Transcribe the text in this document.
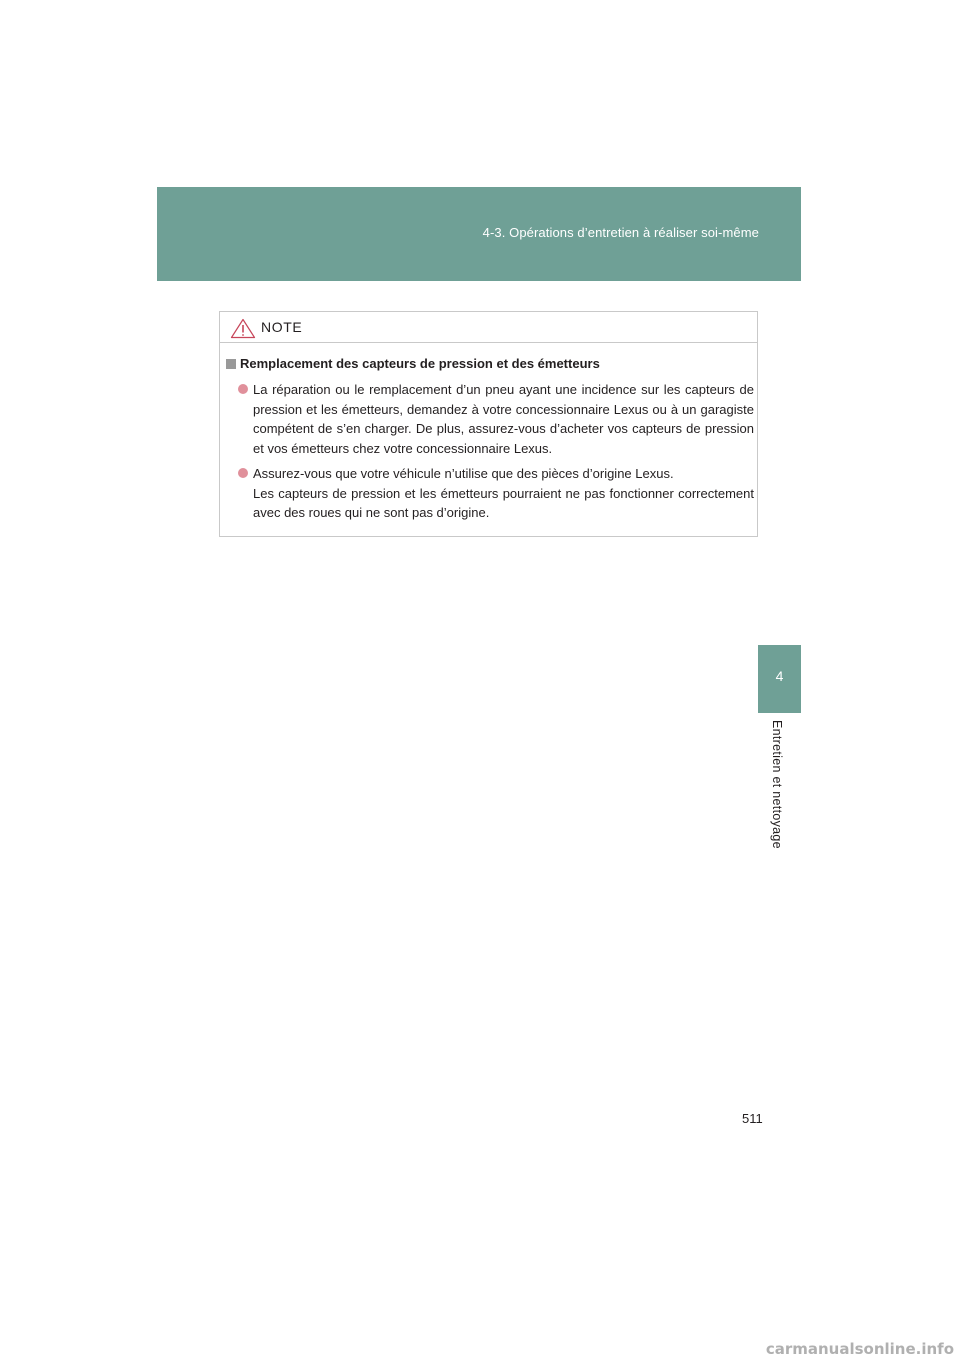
4-3. Opérations d’entretien à réaliser soi-même
4
Entretien et nettoyage
NOTE
Remplacement des capteurs de pression et des émetteurs

La réparation ou le remplacement d’un pneu ayant une incidence sur les capteurs de pression et les émetteurs, demandez à votre concessionnaire Lexus ou à un garagiste compétent de s’en charger. De plus, assurez-vous d’acheter vos capteurs de pression et vos émetteurs chez votre concessionnaire Lexus.

Assurez-vous que votre véhicule n’utilise que des pièces d’origine Lexus.

Les capteurs de pression et les émetteurs pourraient ne pas fonctionner correctement avec des roues qui ne sont pas d’origine.

511
carmanualsonline.info
